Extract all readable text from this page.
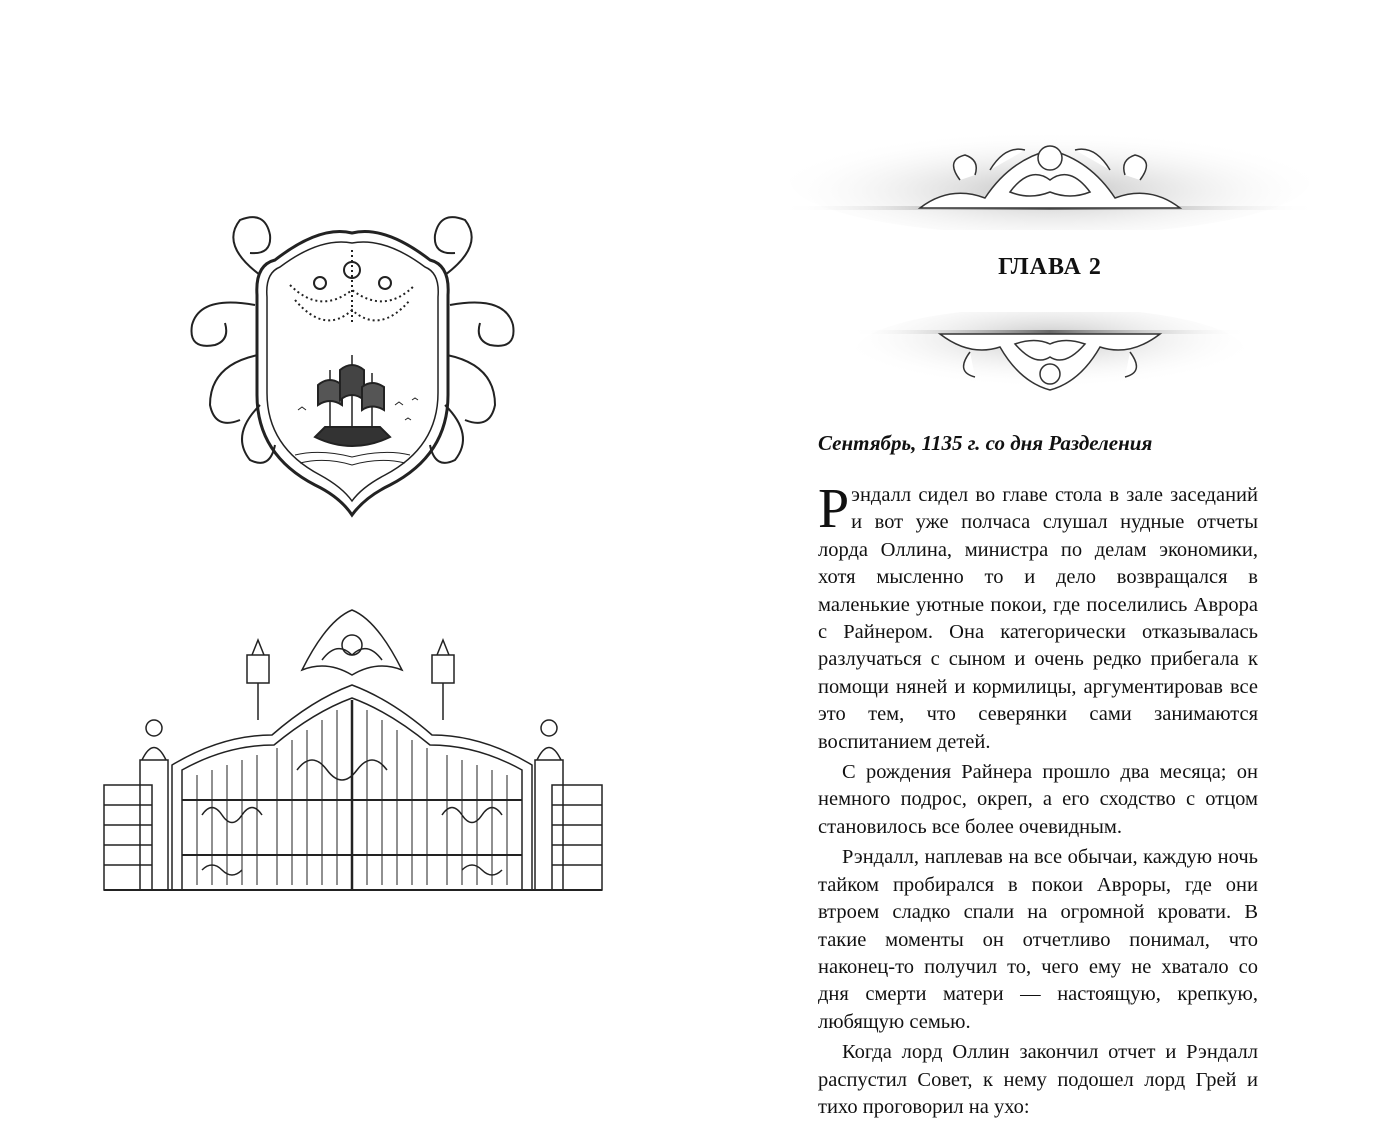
ГЛАВА 2
Сентябрь, 1135 г. со дня Разделения

Рэндалл сидел во главе стола в зале заседаний и вот уже полчаса слушал нудные отчеты лорда Оллина, министра по делам экономики, хотя мысленно то и дело возвращался в маленькие уютные покои, где поселились Аврора с Райнером. Она категорически отказывалась разлучаться с сыном и очень редко прибегала к помощи няней и кормилицы, аргументировав все это тем, что северянки сами занимаются воспитанием детей.

С рождения Райнера прошло два месяца; он немного подрос, окреп, а его сходство с отцом становилось все более очевидным.

Рэндалл, наплевав на все обычаи, каждую ночь тайком пробирался в покои Авроры, где они втроем сладко спали на огромной кровати. В такие моменты он отчетливо понимал, что наконец-то получил то, чего ему не хватало со дня смерти матери — настоящую, крепкую, любящую семью.

Когда лорд Оллин закончил отчет и Рэндалл распустил Совет, к нему подошел лорд Грей и тихо проговорил на ухо:
